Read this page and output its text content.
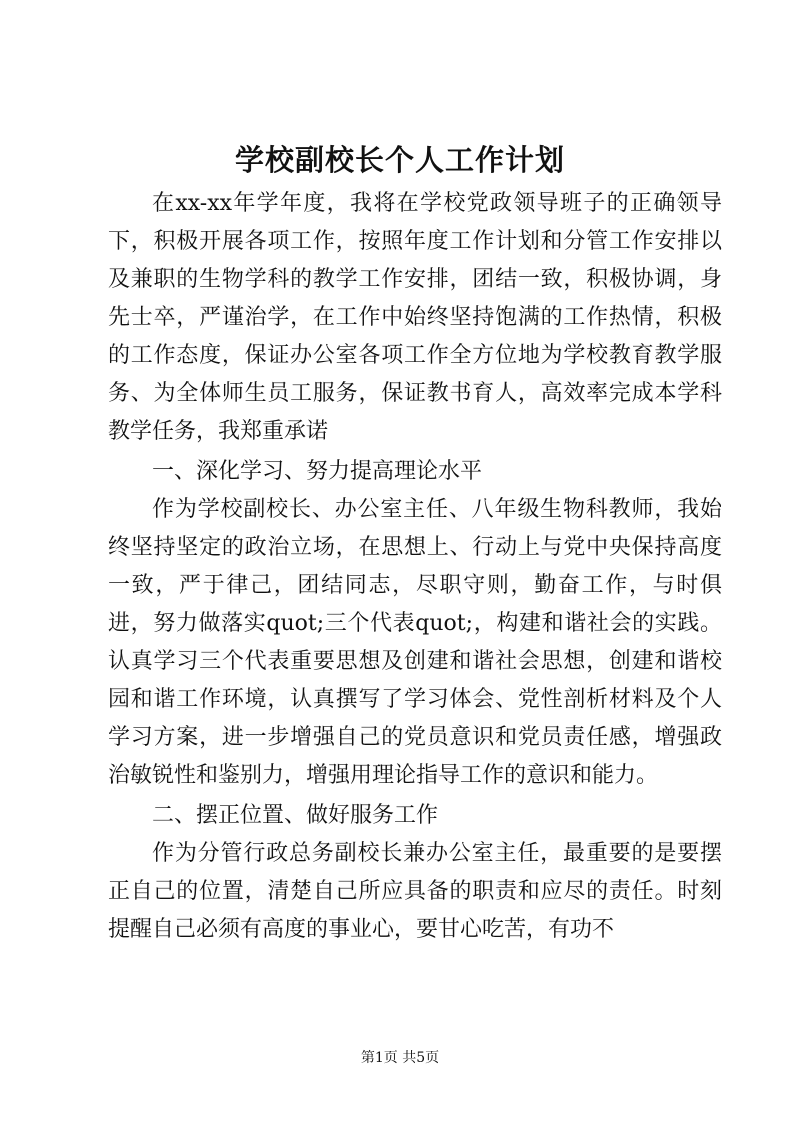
学校副校长个人工作计划

在xx-xx年学年度，我将在学校党政领导班子的正确领导下，积极开展各项工作，按照年度工作计划和分管工作安排以及兼职的生物学科的教学工作安排，团结一致，积极协调，身先士卒，严谨治学，在工作中始终坚持饱满的工作热情，积极的工作态度，保证办公室各项工作全方位地为学校教育教学服务、为全体师生员工服务，保证教书育人，高效率完成本学科教学任务，我郑重承诺

一、深化学习、努力提高理论水平

作为学校副校长、办公室主任、八年级生物科教师，我始终坚持坚定的政治立场，在思想上、行动上与党中央保持高度一致，严于律己，团结同志，尽职守则，勤奋工作，与时俱进，努力做落实quot;三个代表quot;，构建和谐社会的实践。认真学习三个代表重要思想及创建和谐社会思想，创建和谐校园和谐工作环境，认真撰写了学习体会、党性剖析材料及个人学习方案，进一步增强自己的党员意识和党员责任感，增强政治敏锐性和鉴别力，增强用理论指导工作的意识和能力。

二、摆正位置、做好服务工作

作为分管行政总务副校长兼办公室主任，最重要的是要摆正自己的位置，清楚自己所应具备的职责和应尽的责任。时刻提醒自己必须有高度的事业心，要甘心吃苦，有功不

第1页 共5页
